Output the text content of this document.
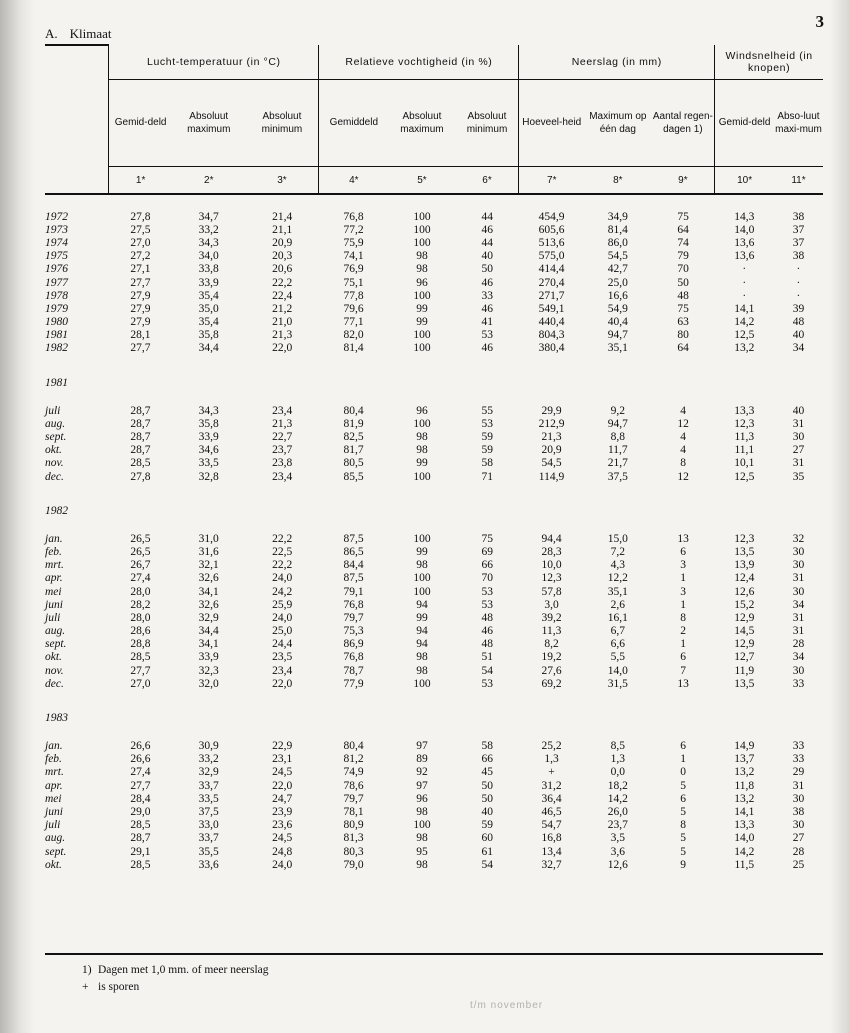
3
A. Klimaat
	Lucht-temperatuur (in °C)			Relatieve vochtigheid (in %)			Neerslag (in mm)			Windsnelheid (in knopen)	
	Gemid-deld	Absoluut maximum	Absoluut minimum	Gemiddeld	Absoluut maximum	Absoluut minimum	Hoeveel-heid	Maximum op één dag	Aantal regen-dagen 1)	Gemid-deld	Abso-luut maxi-mum
	1*	2*	3*	4*	5*	6*	7*	8*	9*	10*	11*

1972	27,8	34,7	21,4	76,8	100	44	454,9	34,9	75	14,3	38
1973	27,5	33,2	21,1	77,2	100	46	605,6	81,4	64	14,0	37
1974	27,0	34,3	20,9	75,9	100	44	513,6	86,0	74	13,6	37
1975	27,2	34,0	20,3	74,1	98	40	575,0	54,5	79	13,6	38
1976	27,1	33,8	20,6	76,9	98	50	414,4	42,7	70	·	·
1977	27,7	33,9	22,2	75,1	96	46	270,4	25,0	50	·	·
1978	27,9	35,4	22,4	77,8	100	33	271,7	16,6	48	·	·
1979	27,9	35,0	21,2	79,6	99	46	549,1	54,9	75	14,1	39
1980	27,9	35,4	21,0	77,1	99	41	440,4	40,4	63	14,2	48
1981	28,1	35,8	21,3	82,0	100	53	804,3	94,7	80	12,5	40
1982	27,7	34,4	22,0	81,4	100	46	380,4	35,1	64	13,2	34

1981											

juli	28,7	34,3	23,4	80,4	96	55	29,9	9,2	4	13,3	40
aug.	28,7	35,8	21,3	81,9	100	53	212,9	94,7	12	12,3	31
sept.	28,7	33,9	22,7	82,5	98	59	21,3	8,8	4	11,3	30
okt.	28,7	34,6	23,7	81,7	98	59	20,9	11,7	4	11,1	27
nov.	28,5	33,5	23,8	80,5	99	58	54,5	21,7	8	10,1	31
dec.	27,8	32,8	23,4	85,5	100	71	114,9	37,5	12	12,5	35

1982											

jan.	26,5	31,0	22,2	87,5	100	75	94,4	15,0	13	12,3	32
feb.	26,5	31,6	22,5	86,5	99	69	28,3	7,2	6	13,5	30
mrt.	26,7	32,1	22,2	84,4	98	66	10,0	4,3	3	13,9	30
apr.	27,4	32,6	24,0	87,5	100	70	12,3	12,2	1	12,4	31
mei	28,0	34,1	24,2	79,1	100	53	57,8	35,1	3	12,6	30
juni	28,2	32,6	25,9	76,8	94	53	3,0	2,6	1	15,2	34
juli	28,0	32,9	24,0	79,7	99	48	39,2	16,1	8	12,9	31
aug.	28,6	34,4	25,0	75,3	94	46	11,3	6,7	2	14,5	31
sept.	28,8	34,1	24,4	86,9	94	48	8,2	6,6	1	12,9	28
okt.	28,5	33,9	23,5	76,8	98	51	19,2	5,5	6	12,7	34
nov.	27,7	32,3	23,4	78,7	98	54	27,6	14,0	7	11,9	30
dec.	27,0	32,0	22,0	77,9	100	53	69,2	31,5	13	13,5	33

1983											

jan.	26,6	30,9	22,9	80,4	97	58	25,2	8,5	6	14,9	33
feb.	26,6	33,2	23,1	81,2	89	66	1,3	1,3	1	13,7	33
mrt.	27,4	32,9	24,5	74,9	92	45	+	0,0	0	13,2	29
apr.	27,7	33,7	22,0	78,6	97	50	31,2	18,2	5	11,8	31
mei	28,4	33,5	24,7	79,7	96	50	36,4	14,2	6	13,2	30
juni	29,0	37,5	23,9	78,1	98	40	46,5	26,0	5	14,1	38
juli	28,5	33,0	23,6	80,9	100	59	54,7	23,7	8	13,3	30
aug.	28,7	33,7	24,5	81,3	98	60	16,8	3,5	5	14,0	27
sept.	29,1	35,5	24,8	80,3	95	61	13,4	3,6	5	14,2	28
okt.	28,5	33,6	24,0	79,0	98	54	32,7	12,6	9	11,5	25
1) Dagen met 1,0 mm. of meer neerslag
+ is sporen
t/m november
